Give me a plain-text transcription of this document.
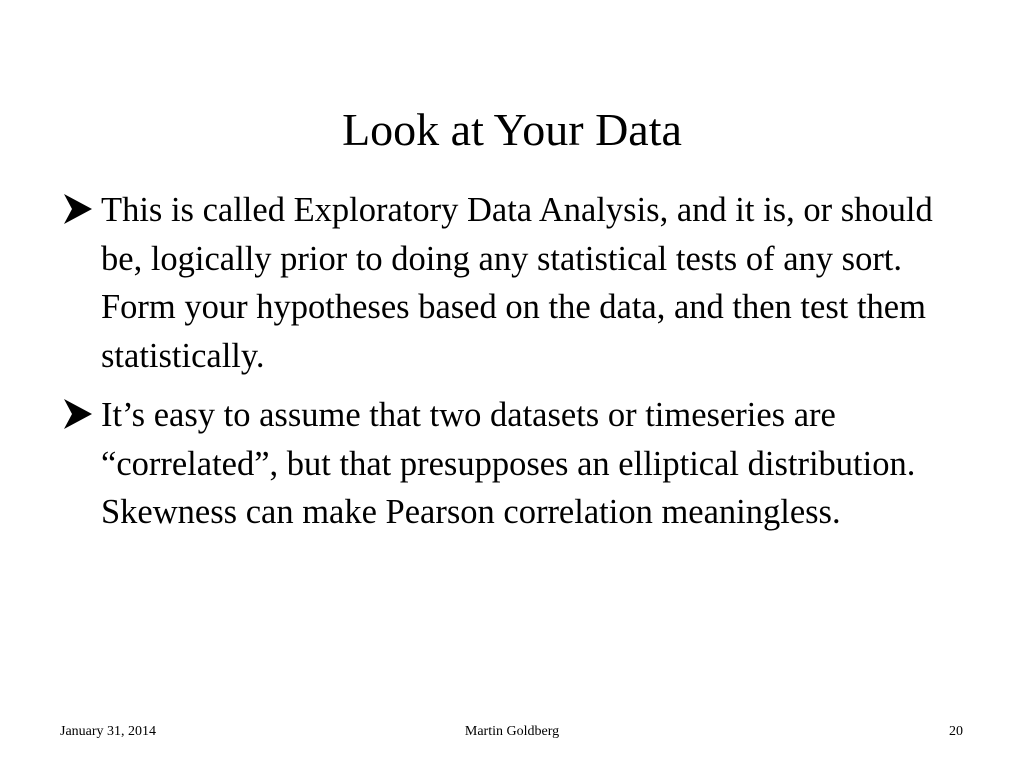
Look at Your Data
This is called Exploratory Data Analysis, and it is, or should be, logically prior to doing any statistical tests of any sort. Form your hypotheses based on the data, and then test them statistically.
It’s easy to assume that two datasets or timeseries are “correlated”, but that presupposes an elliptical distribution. Skewness can make Pearson correlation meaningless.
January 31, 2014	Martin Goldberg	20
